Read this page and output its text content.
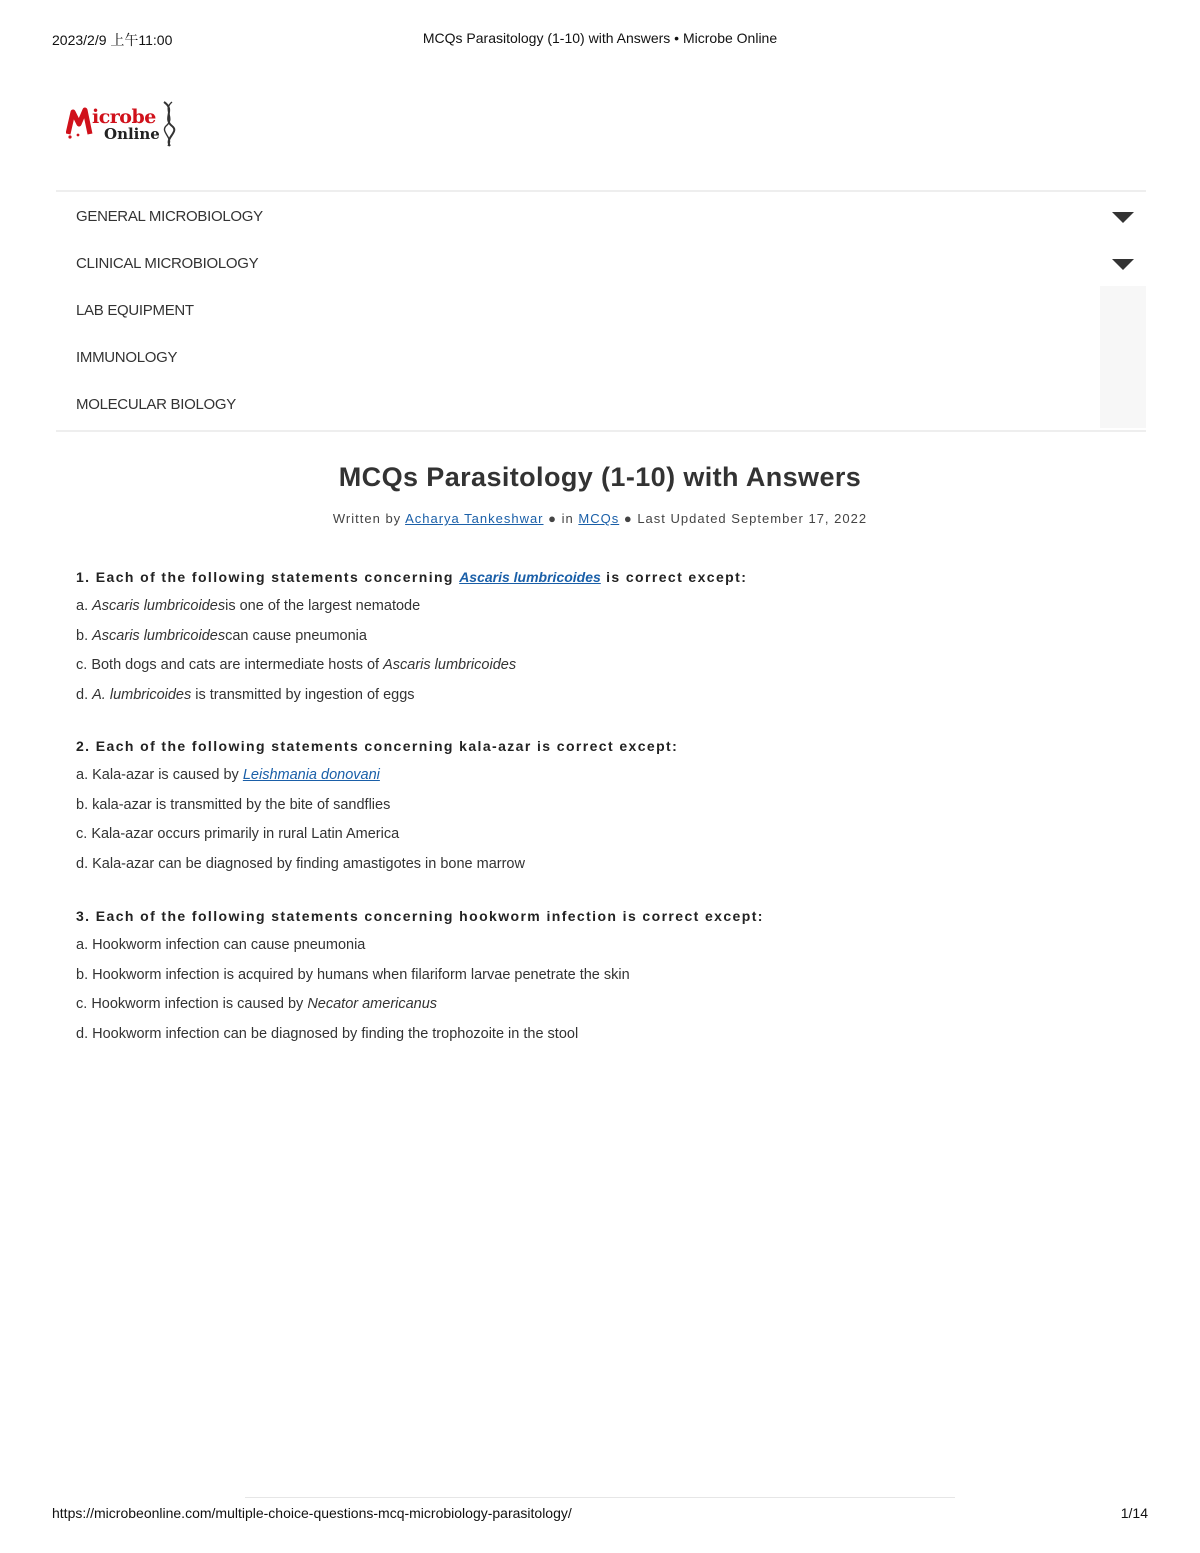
2023/2/9 上午11:00	MCQs Parasitology (1-10) with Answers • Microbe Online
icrobe
Online
GENERAL MICROBIOLOGY
CLINICAL MICROBIOLOGY
LAB EQUIPMENT
IMMUNOLOGY
MOLECULAR BIOLOGY
MCQs Parasitology (1-10) with Answers
Written by Acharya Tankeshwar ● in MCQs ● Last Updated September 17, 2022
1. Each of the following statements concerning Ascaris lumbricoides is correct except:
a. Ascaris lumbricoidesis one of the largest nematode
b. Ascaris lumbricoidescan cause pneumonia
c. Both dogs and cats are intermediate hosts of Ascaris lumbricoides
d. A. lumbricoides is transmitted by ingestion of eggs
2. Each of the following statements concerning kala-azar is correct except:
a. Kala-azar is caused by Leishmania donovani
b. kala-azar is transmitted by the bite of sandflies
c. Kala-azar occurs primarily in rural Latin America
d. Kala-azar can be diagnosed by finding amastigotes in bone marrow
3. Each of the following statements concerning hookworm infection is correct except:
a. Hookworm infection can cause pneumonia
b. Hookworm infection is acquired by humans when filariform larvae penetrate the skin
c. Hookworm infection is caused by Necator americanus
d. Hookworm infection can be diagnosed by finding the trophozoite in the stool
https://microbeonline.com/multiple-choice-questions-mcq-microbiology-parasitology/	1/14
